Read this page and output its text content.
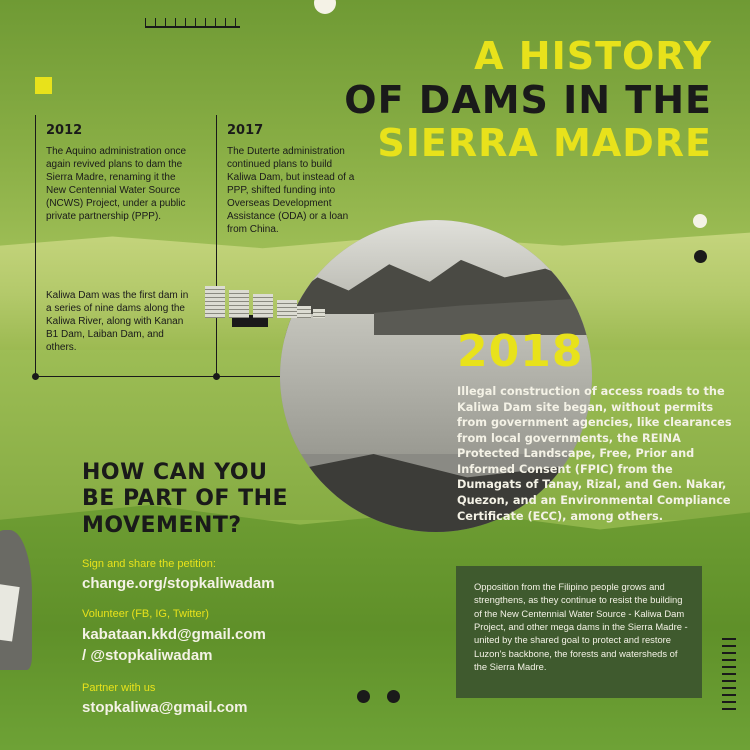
A HISTORY
OF DAMS IN THE
SIERRA MADRE
2012
The Aquino administration once again revived plans to dam the Sierra Madre, renaming it the New Centennial Water Source (NCWS) Project, under a public private partnership (PPP).
Kaliwa Dam was the first dam in a series of nine dams along the Kaliwa River, along with Kanan B1 Dam, Laiban Dam, and others.
2017
The Duterte administration continued plans to build Kaliwa Dam, but instead of a PPP, shifted funding into Overseas Development Assistance (ODA) or a loan from China.
2018
Illegal construction of access roads to the Kaliwa Dam site began, without permits from government agencies, like clearances from local governments, the REINA Protected Landscape, Free, Prior and Informed Consent (FPIC) from the Dumagats of Tanay, Rizal, and Gen. Nakar, Quezon, and an Environmental Compliance Certificate (ECC), among others.
HOW CAN YOU
BE PART OF THE
MOVEMENT?
Sign and share the petition:
change.org/stopkaliwadam
Volunteer (FB, IG, Twitter)
kabataan.kkd@gmail.com
/ @stopkaliwadam
Partner with us
stopkaliwa@gmail.com
Opposition from the Filipino people grows and strengthens, as they continue to resist the building of the New Centennial Water Source - Kaliwa Dam Project, and other mega dams in the Sierra Madre - united by the shared goal to protect and restore Luzon's backbone, the forests and watersheds of the Sierra Madre.
